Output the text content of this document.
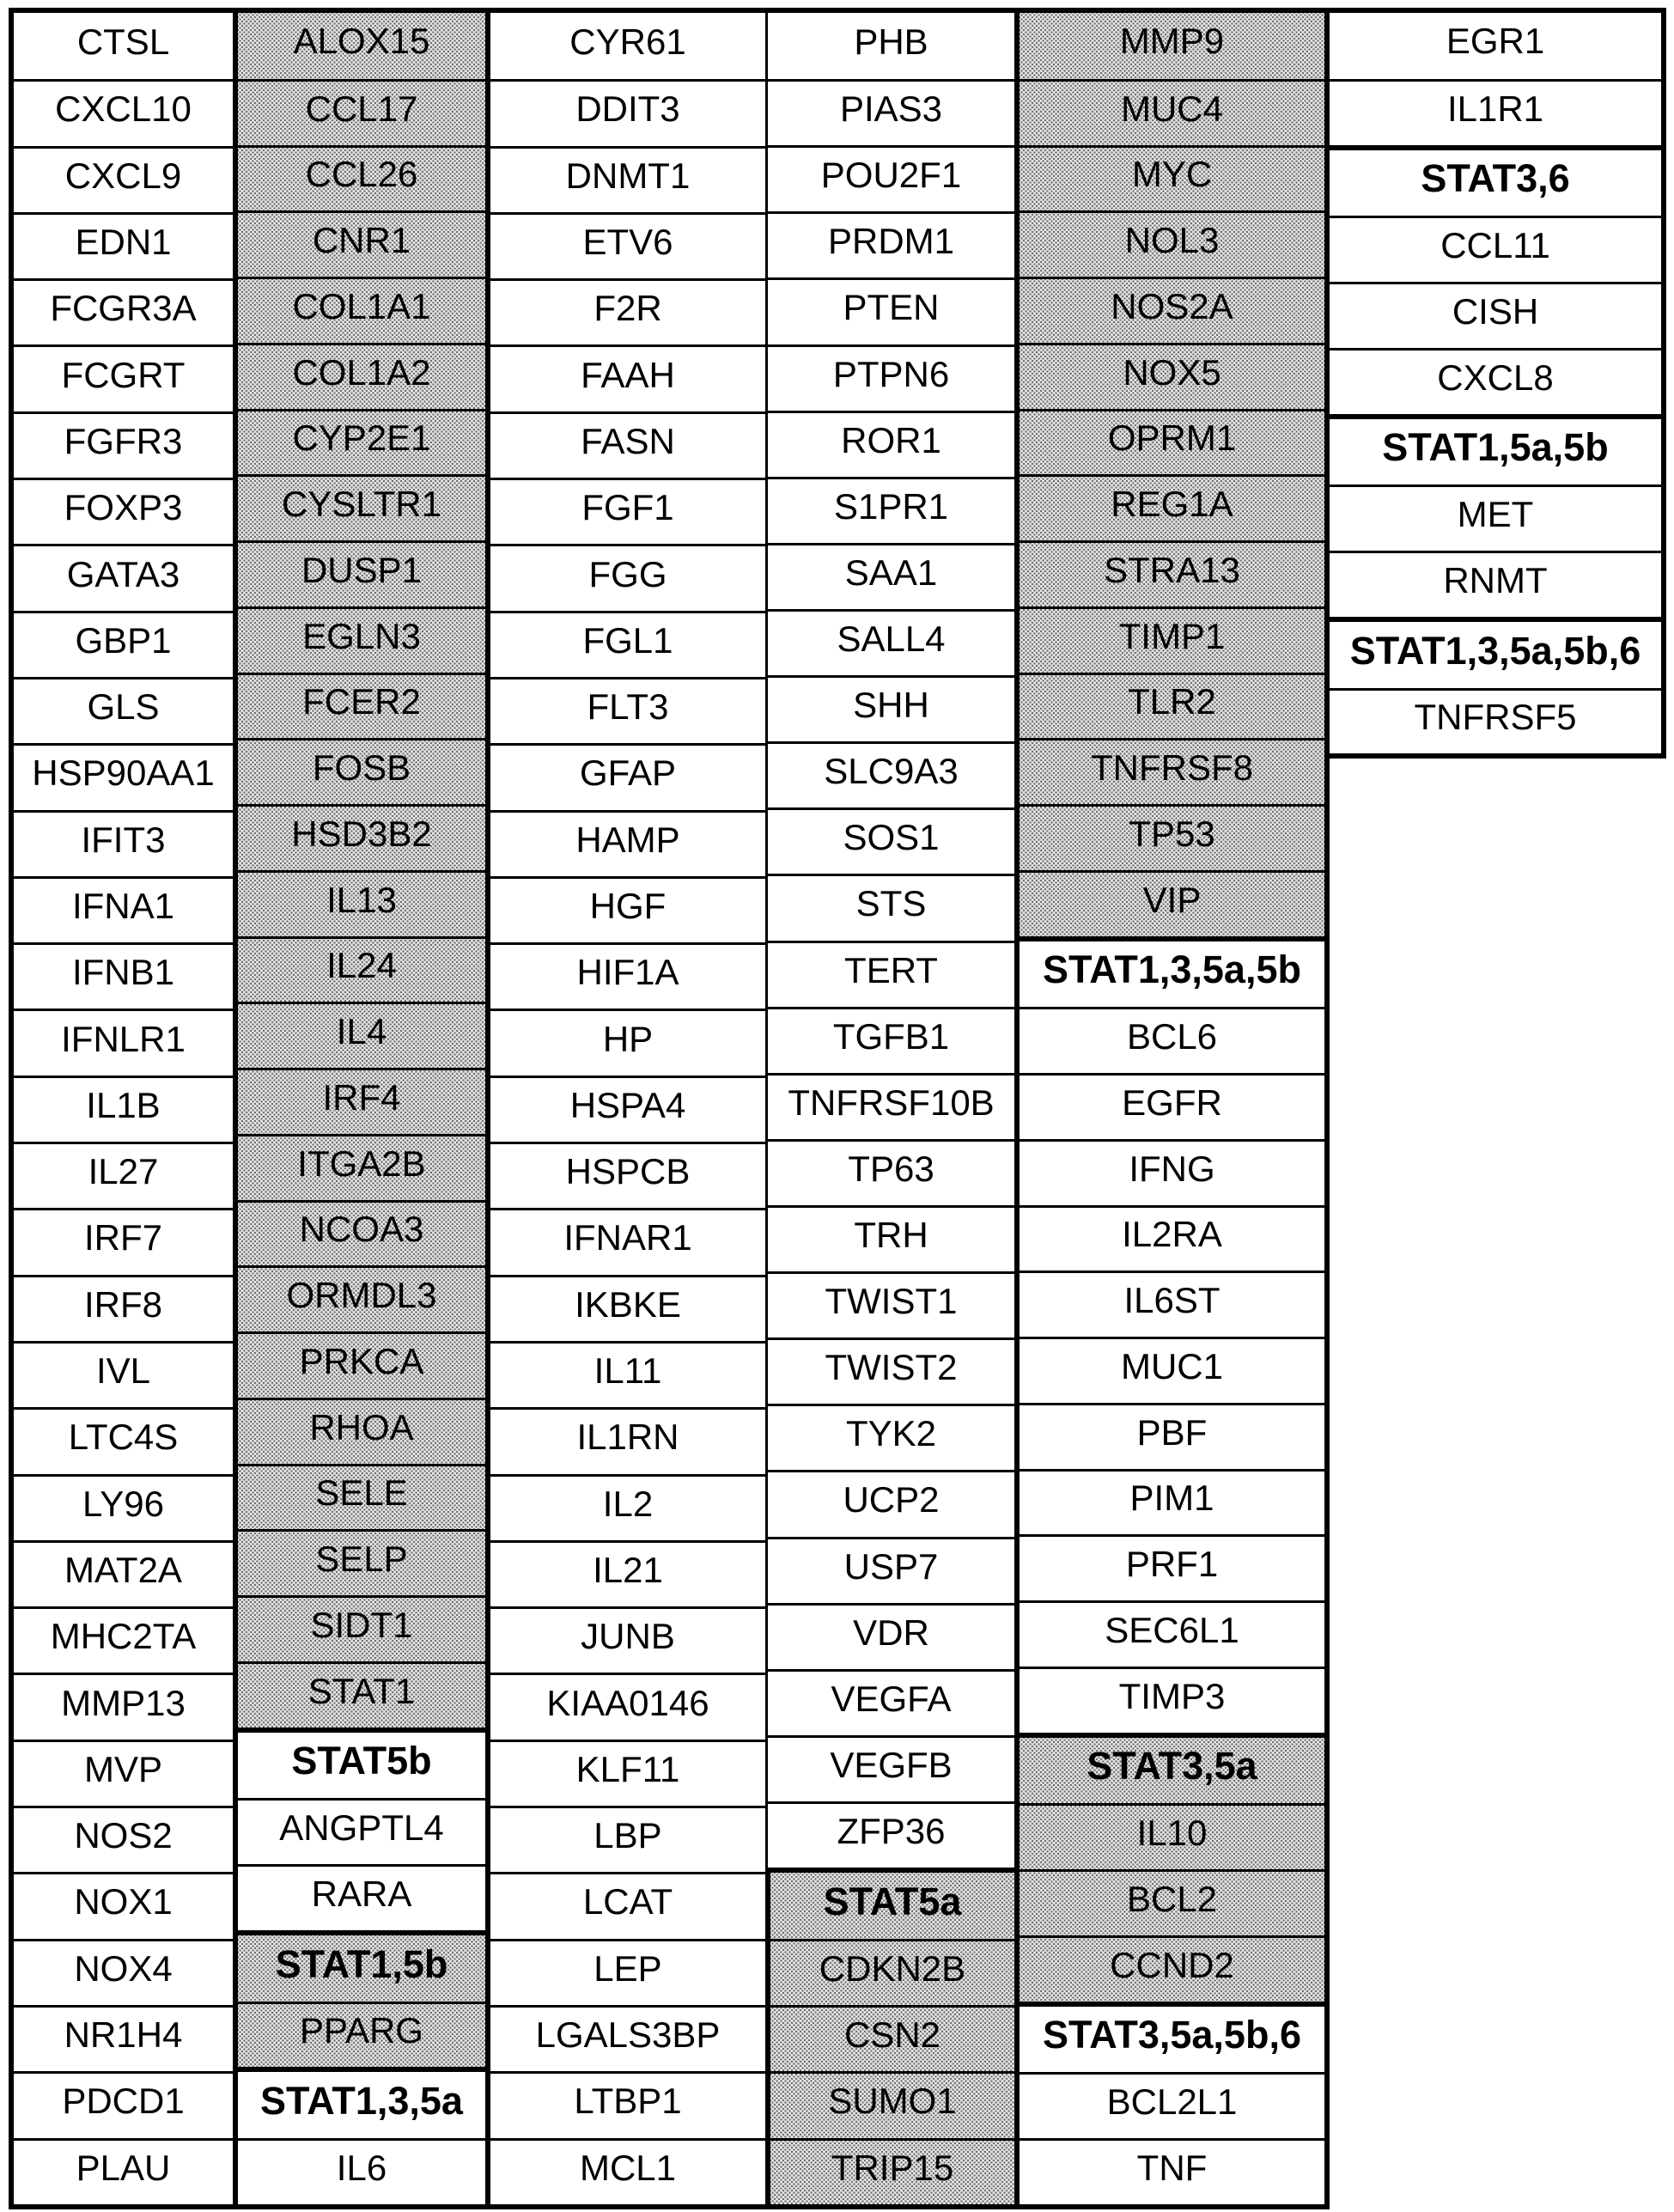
CTSL
CXCL10
CXCL9
EDN1
FCGR3A
FCGRT
FGFR3
FOXP3
GATA3
GBP1
GLS
HSP90AA1
IFIT3
IFNA1
IFNB1
IFNLR1
IL1B
IL27
IRF7
IRF8
IVL
LTC4S
LY96
MAT2A
MHC2TA
MMP13
MVP
NOS2
NOX1
NOX4
NR1H4
PDCD1
PLAU
ALOX15
CCL17
CCL26
CNR1
COL1A1
COL1A2
CYP2E1
CYSLTR1
DUSP1
EGLN3
FCER2
FOSB
HSD3B2
IL13
IL24
IL4
IRF4
ITGA2B
NCOA3
ORMDL3
PRKCA
RHOA
SELE
SELP
SIDT1
STAT1
STAT5b
ANGPTL4
RARA
STAT1,5b
PPARG
STAT1,3,5a
IL6
CYR61
DDIT3
DNMT1
ETV6
F2R
FAAH
FASN
FGF1
FGG
FGL1
FLT3
GFAP
HAMP
HGF
HIF1A
HP
HSPA4
HSPCB
IFNAR1
IKBKE
IL11
IL1RN
IL2
IL21
JUNB
KIAA0146
KLF11
LBP
LCAT
LEP
LGALS3BP
LTBP1
MCL1
PHB
PIAS3
POU2F1
PRDM1
PTEN
PTPN6
ROR1
S1PR1
SAA1
SALL4
SHH
SLC9A3
SOS1
STS
TERT
TGFB1
TNFRSF10B
TP63
TRH
TWIST1
TWIST2
TYK2
UCP2
USP7
VDR
VEGFA
VEGFB
ZFP36
STAT5a
CDKN2B
CSN2
SUMO1
TRIP15
MMP9
MUC4
MYC
NOL3
NOS2A
NOX5
OPRM1
REG1A
STRA13
TIMP1
TLR2
TNFRSF8
TP53
VIP
STAT1,3,5a,5b
BCL6
EGFR
IFNG
IL2RA
IL6ST
MUC1
PBF
PIM1
PRF1
SEC6L1
TIMP3
STAT3,5a
IL10
BCL2
CCND2
STAT3,5a,5b,6
BCL2L1
TNF
EGR1
IL1R1
STAT3,6
CCL11
CISH
CXCL8
STAT1,5a,5b
MET
RNMT
STAT1,3,5a,5b,6
TNFRSF5
